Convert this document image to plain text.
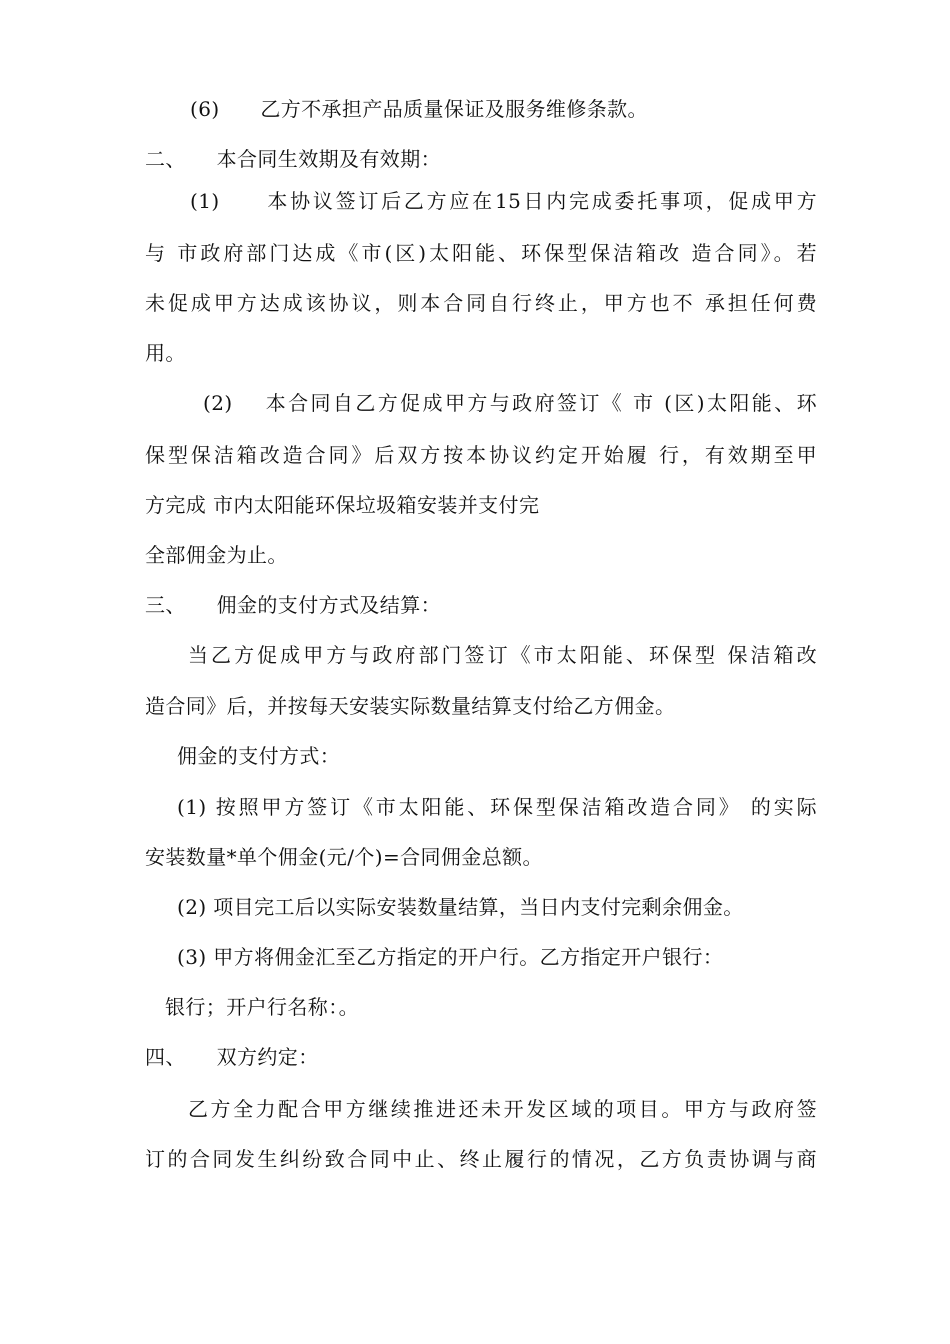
(6)　　乙方不承担产品质量保证及服务维修条款。

二、　　本合同生效期及有效期：

(1)　　本协议签订后乙方应在15日内完成委托事项，促成甲方

与 市政府部门达成《市(区)太阳能、环保型保洁箱改 造合同》。若

未促成甲方达成该协议，则本合同自行终止，甲方也不 承担任何费

用。

(2)　 本合同自乙方促成甲方与政府签订《 市 (区)太阳能、环

保型保洁箱改造合同》后双方按本协议约定开始履 行，有效期至甲

方完成 市内太阳能环保垃圾箱安装并支付完

全部佣金为止。

三、　　佣金的支付方式及结算：

当乙方促成甲方与政府部门签订《市太阳能、环保型 保洁箱改

造合同》后，并按每天安装实际数量结算支付给乙方佣金。

佣金的支付方式：

(1) 按照甲方签订《市太阳能、环保型保洁箱改造合同》 的实际

安装数量*单个佣金(元/个)=合同佣金总额。

(2) 项目完工后以实际安装数量结算，当日内支付完剩余佣金。

(3) 甲方将佣金汇至乙方指定的开户行。乙方指定开户银行：

银行；开户行名称：。

四、　　双方约定：

乙方全力配合甲方继续推进还未开发区域的项目。甲方与政府签

订的合同发生纠纷致合同中止、终止履行的情况，乙方负责协调与商
